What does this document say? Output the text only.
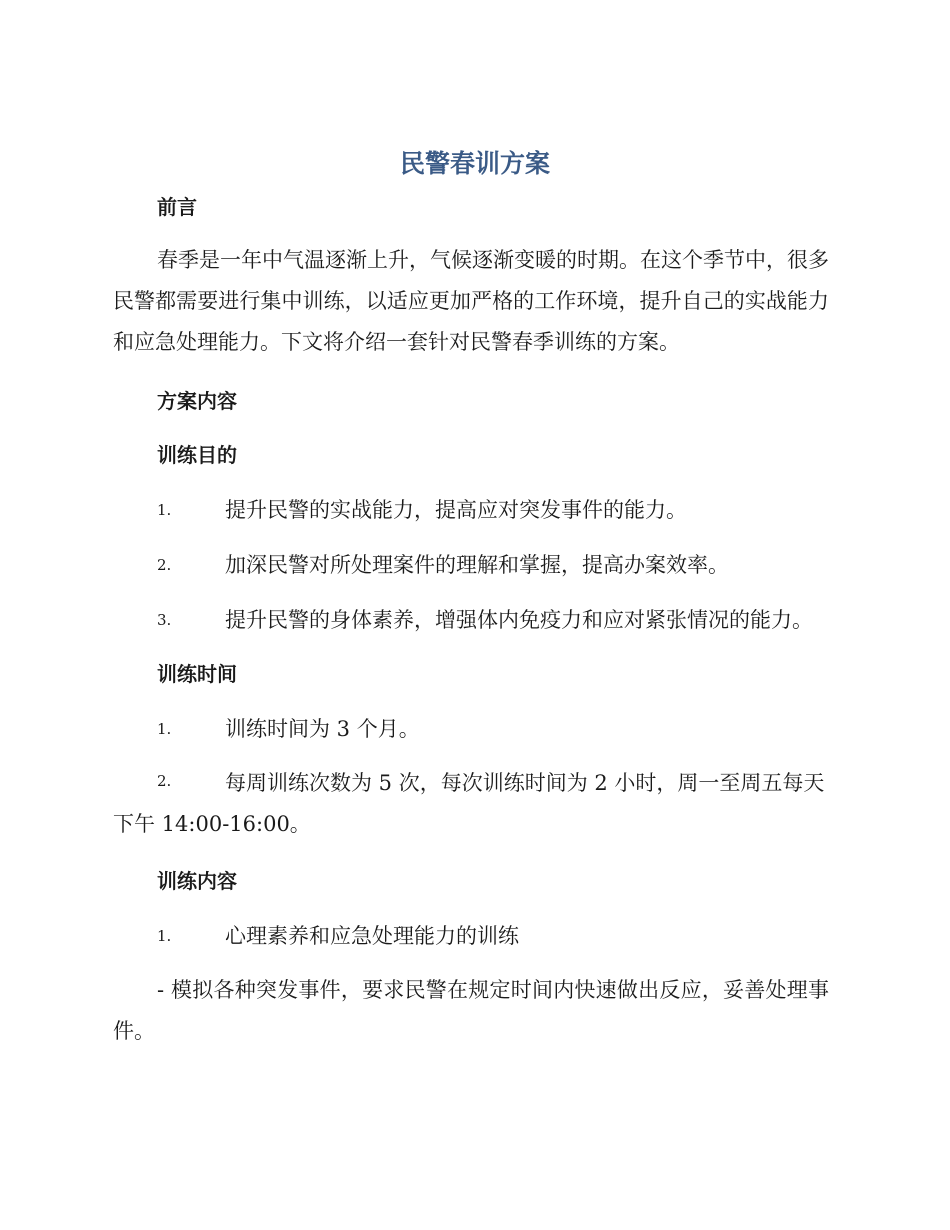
民警春训方案
前言
春季是一年中气温逐渐上升，气候逐渐变暖的时期。在这个季节中，很多民警都需要进行集中训练，以适应更加严格的工作环境，提升自己的实战能力和应急处理能力。下文将介绍一套针对民警春季训练的方案。
方案内容
训练目的
1.	提升民警的实战能力，提高应对突发事件的能力。
2.	加深民警对所处理案件的理解和掌握，提高办案效率。
3.	提升民警的身体素养，增强体内免疫力和应对紧张情况的能力。
训练时间
1.	训练时间为 3 个月。
2.	每周训练次数为 5 次，每次训练时间为 2 小时，周一至周五每天
下午 14:00-16:00。
训练内容
1.	心理素养和应急处理能力的训练
- 模拟各种突发事件，要求民警在规定时间内快速做出反应，妥善处理事件。
